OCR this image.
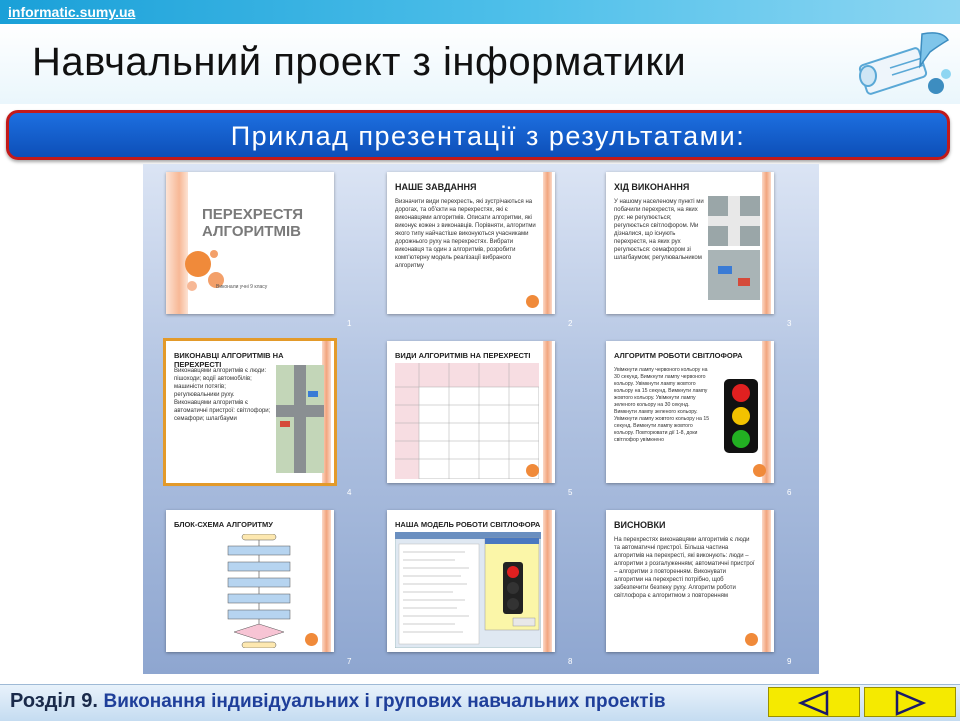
informatic.sumy.ua
Навчальний проект з інформатики
Приклад презентації з результатами:
ПЕРЕХРЕСТЯ АЛГОРИТМІВ
Виконали учні 9 класу
1
НАШЕ ЗАВДАННЯ
Визначити види перехресть, які зустрічаються на дорогах, та об'єкти на перехрестях, які є виконавцями алгоритмів. Описати алгоритми, які виконує кожен з виконавців. Порівняти, алгоритми якого типу найчастіше виконуються учасниками дорожнього руху на перехрестях. Вибрати виконавця та один з алгоритмів, розробити комп'ютерну модель реалізації вибраного алгоритму
2
ХІД ВИКОНАННЯ
У нашому населеному пункті ми побачили перехрестя, на яких рух: не регулюється; регулюється світлофором. Ми дізналися, що існують перехрестя, на яких рух регулюється: семафором зі шлагбаумом; регулювальником
3
ВИКОНАВЦІ АЛГОРИТМІВ НА ПЕРЕХРЕСТІ
Виконавцями алгоритмів є люди: пішоходи; водії автомобілів; машиністи потягів; регулювальники руху. Виконавцями алгоритмів є автоматичні пристрої: світлофори; семафори; шлагбауми
4
ВИДИ АЛГОРИТМІВ НА ПЕРЕХРЕСТІ
5
АЛГОРИТМ РОБОТИ СВІТЛОФОРА
Увімкнути лампу червоного кольору на 30 секунд. Вимкнути лампу червоного кольору. Увімкнути лампу жовтого кольору на 15 секунд. Вимкнути лампу жовтого кольору. Увімкнути лампу зеленого кольору на 30 секунд. Вимкнути лампу зеленого кольору. Увімкнути лампу жовтого кольору на 15 секунд. Вимкнути лампу жовтого кольору. Повторювати дії 1-8, доки світлофор увімкнено
6
БЛОК-СХЕМА АЛГОРИТМУ
7
НАША МОДЕЛЬ РОБОТИ СВІТЛОФОРА
8
ВИСНОВКИ
На перехрестях виконавцями алгоритмів є люди та автоматичні пристрої. Більша частина алгоритмів на перехресті, які виконують: люди – алгоритми з розгалуженням; автоматичні пристрої – алгоритми з повторенням. Виконувати алгоритми на перехресті потрібно, щоб забезпечити безпеку руху. Алгоритм роботи світлофора є алгоритмом з повторенням
9
Розділ 9. Виконання індивідуальних і групових навчальних проектів
